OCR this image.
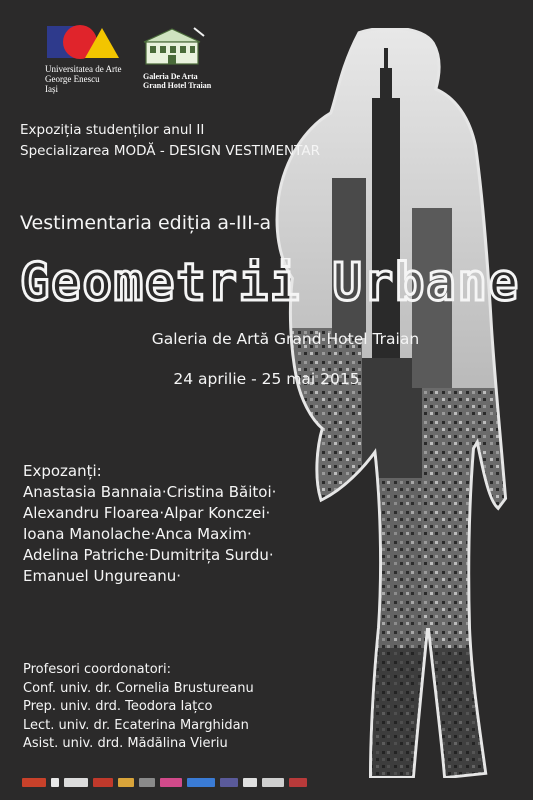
Universitatea de Arte
George Enescu
Iași
Galeria De Arta
Grand Hotel Traian
Expoziția studenților anul II
Specializarea MODĂ - DESIGN VESTIMENTAR
Vestimentaria ediția a-III-a
Geometrii Urbane
Galeria de Artă Grand Hotel Traian
24 aprilie - 25 mai 2015
Expozanți:
Anastasia Bannaia·Cristina Băitoi·
Alexandru Floarea·Alpar Konczei·
Ioana Manolache·Anca Maxim·
Adelina Patriche·Dumitrița Surdu·
Emanuel Ungureanu·
Profesori coordonatori:
Conf. univ. dr. Cornelia Brustureanu
Prep. univ. drd. Teodora Iațco
Lect. univ. dr. Ecaterina Marghidan
Asist. univ. drd. Mădălina Vieriu
